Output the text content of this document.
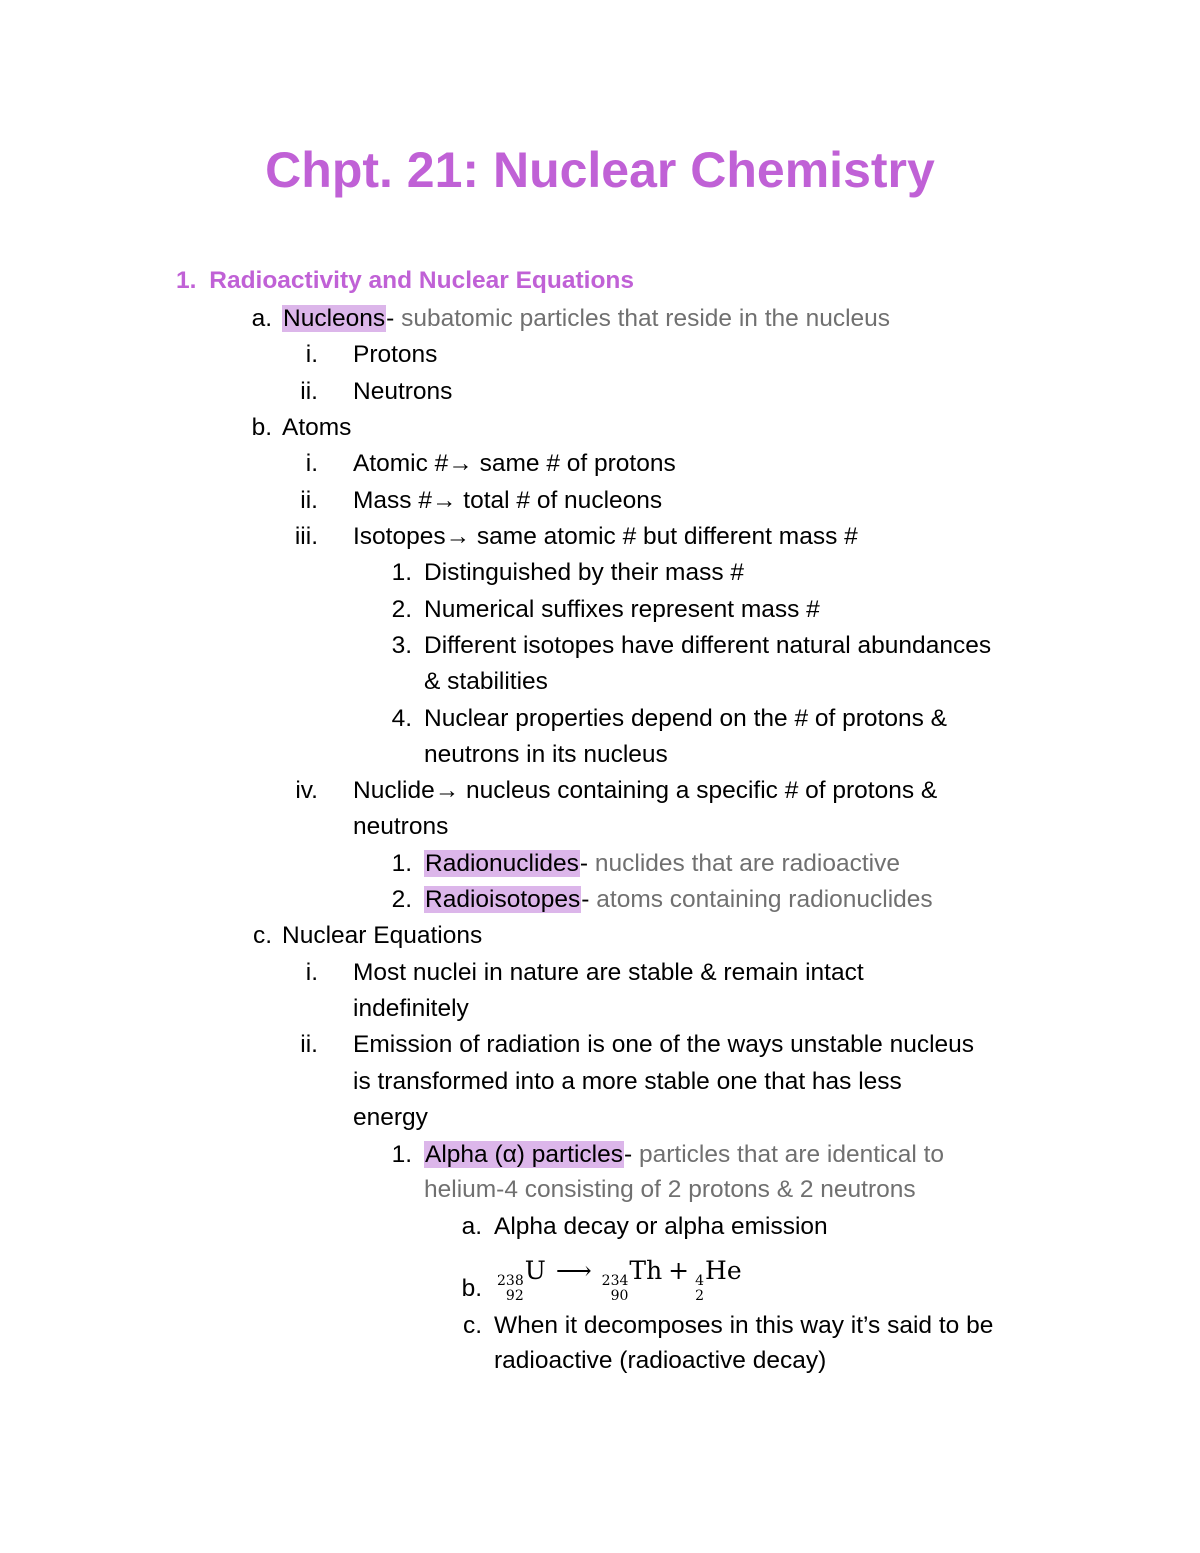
Chpt. 21: Nuclear Chemistry
1. Radioactivity and Nuclear Equations
a. Nucleons- subatomic particles that reside in the nucleus
i. Protons
ii. Neutrons
b. Atoms
i. Atomic #→ same # of protons
ii. Mass #→ total # of nucleons
iii. Isotopes→ same atomic # but different mass #
1. Distinguished by their mass #
2. Numerical suffixes represent mass #
3. Different isotopes have different natural abundances
& stabilities
4. Nuclear properties depend on the # of protons &
neutrons in its nucleus
iv. Nuclide→ nucleus containing a specific # of protons &
neutrons
1. Radionuclides- nuclides that are radioactive
2. Radioisotopes- atoms containing radionuclides
c. Nuclear Equations
i. Most nuclei in nature are stable & remain intact
indefinitely
ii. Emission of radiation is one of the ways unstable nucleus
is transformed into a more stable one that has less
energy
1. Alpha (α) particles- particles that are identical to
helium-4 consisting of 2 protons & 2 neutrons
a. Alpha decay or alpha emission
b. 238
92
U ⟶ 234
90
Th + 4
2
He
c. When it decomposes in this way it’s said to be
radioactive (radioactive decay)
